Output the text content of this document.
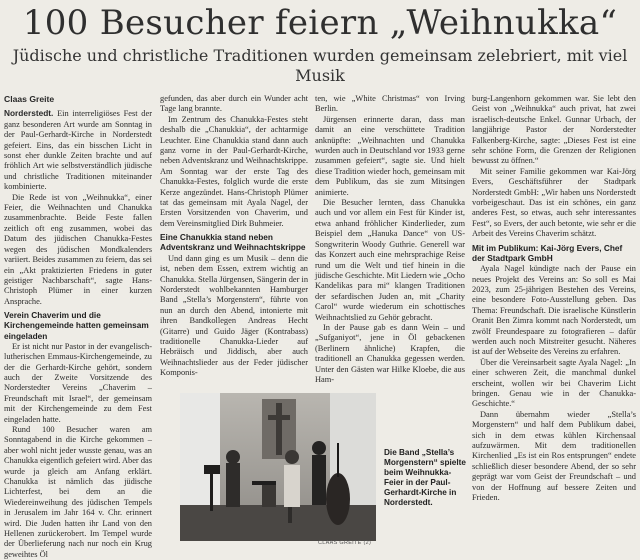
100 Besucher feiern „Weihnukka“
Jüdische und christliche Traditionen wurden gemeinsam zelebriert, mit viel Musik
Claas Greite

Norderstedt. Ein interreligiöses Fest der ganz besonderen Art wurde am Sonntag in der Paul-Gerhardt-Kirche in Norderstedt gefeiert. Eins, das ein bisschen Licht in sonst eher dunkle Zeiten brachte und auf fröhlich Art wie selbstverständlich jüdische und christliche Traditionen miteinander kombinierte.

Die Rede ist von „Weihnukka“, einer Feier, die Weihnachten und Chanukka zusammenbrachte. Beide Feste fallen zeitlich oft eng zusammen, wobei das Datum des jüdischen Chanukka-Festes wegen des jüdischen Mondkalenders variiert. Beides zusammen zu feiern, das sei ein „Akt praktizierten Friedens in guter geistiger Nachbarschaft“, sagte Hans-Christoph Plümer in einer kurzen Ansprache.

Verein Chaverim und die Kirchengemeinde hatten gemeinsam eingeladen

Er ist nicht nur Pastor in der evangelisch-lutherischen Emmaus-Kirchengemeinde, zu der die Gerhardt-Kirche gehört, sondern auch der Zweite Vorsitzende des Norderstedter Vereins „Chaverim – Freundschaft mit Israel“, der gemeinsam mit der Kirchengemeinde zu dem Fest eingeladen hatte.

Rund 100 Besucher waren am Sonntagabend in die Kirche gekommen – aber wohl nicht jeder wusste genau, was an Chanukka eigentlich gefeiert wird. Aber das wurde ja gleich am Anfang erklärt. Chanukka ist nämlich das jüdische Lichterfest, bei dem an die Wiedereinweihung des jüdischen Tempels in Jerusalem im Jahr 164 v. Chr. erinnert wird. Die Juden hatten ihr Land von den Hellenen zurückerobert. Im Tempel wurde der Überlieferung nach nur noch ein Krug geweihtes Öl

gefunden, das aber durch ein Wunder acht Tage lang brannte.

Im Zentrum des Chanukka-Festes steht deshalb die „Chanukkia“, der achtarmige Leuchter. Eine Chanukkia stand dann auch ganz vorne in der Paul-Gerhardt-Kirche, neben Adventskranz und Weihnachtskrippe. Am Sonntag war der erste Tag des Chanukka-Festes, folglich wurde die erste Kerze angezündet. Hans-Christoph Plümer tat das gemeinsam mit Ayala Nagel, der Ersten Vorsitzenden von Chaverim, und dem Vereinsmitglied Dirk Buhmeier.

Eine Chanukkia stand neben Adventskranz und Weihnachtskrippe

Und dann ging es um Musik – denn die ist, neben dem Essen, extrem wichtig an Chanukka. Stella Jürgensen, Sängerin der in Norderstedt wohlbekannten Hamburger Band „Stella’s Morgenstern“, führte von nun an durch den Abend, intonierte mit ihren Bandkollegen Andreas Hecht (Gitarre) und Guido Jäger (Kontrabass) traditionelle Chanukka-Lieder auf Hebräisch und Jiddisch, aber auch Weihnachtslieder aus der Feder jüdischer Komponis-

ten, wie „White Christmas“ von Irving Berlin.

Jürgensen erinnerte daran, dass man damit an eine verschüttete Tradition anknüpfte: „Weihnachten und Chanukka wurden auch in Deutschland vor 1933 gerne zusammen gefeiert“, sagte sie. Und hielt diese Tradition wieder hoch, gemeinsam mit dem Publikum, das sie zum Mitsingen animierte.

Die Besucher lernten, dass Chanukka auch und vor allem ein Fest für Kinder ist, etwa anhand fröhlicher Kinderlieder, zum Beispiel dem „Hanuka Dance“ von US-Songwriterin Woody Guthrie. Generell war das Konzert auch eine mehrsprachige Reise rund um die Welt und tief hinein in die jüdische Geschichte. Mit Liedern wie „Ocho Kandelikas para mi“ klangen Traditionen der sefardischen Juden an, mit „Charity Carol“ wurde wiederum ein schottisches Weihnachtslied zu Gehör gebracht.

In der Pause gab es dann Wein – und „Sufganiyot“, jene in Öl gebackenen (Berlinern ähnliche) Krapfen, die traditionell an Chanukka gegessen werden. Unter den Gästen war Hilke Kloebe, die aus Ham-

burg-Langenhorn gekommen war. Sie lebt den Geist von „Weihnukka“ auch privat, hat zwei israelisch-deutsche Enkel. Gunnar Urbach, der langjährige Pastor der Norderstedter Falkenberg-Kirche, sagte: „Dieses Fest ist eine sehr schöne Form, die Grenzen der Religionen bewusst zu öffnen.“

Mit seiner Familie gekommen war Kai-Jörg Evers, Geschäftsführer der Stadtpark Norderstedt GmbH: „Wir haben uns Norderstedt vorbeigeschaut. Das ist ein schönes, ein ganz anderes Fest, so etwas, auch sehr interessantes Fest“, so Evers, der auch betonte, wie sehr er die Arbeit des Vereins Chaverim schätzt.

Mit im Publikum: Kai-Jörg Evers, Chef der Stadtpark GmbH

Ayala Nagel kündigte nach der Pause ein neues Projekt des Vereins an: So soll es Mai 2023, zum 25-jährigen Bestehen des Vereins, eine besondere Foto-Ausstellung geben. Das Thema: Freundschaft. Die israelische Künstlerin Oranit Ben Zimra kommt nach Norderstedt, um zwölf Freundespaare zu fotografieren – dafür werden auch noch Mitstreiter gesucht. Näheres ist auf der Webseite des Vereins zu erfahren.

Über die Vereinsarbeit sagte Ayala Nagel: „In einer schweren Zeit, die manchmal dunkel erscheint, wollen wir bei Chaverim Licht bringen. Genau wie in der Chanukka-Geschichte.“

Dann übernahm wieder „Stella’s Morgenstern“ und half dem Publikum dabei, sich in dem etwas kühlen Kirchensaal aufzuwärmen. Mit dem traditionellen Kirchenlied „Es ist ein Ros entsprungen“ endete schließlich dieser besondere Abend, der so sehr geprägt war vom Geist der Freundschaft – und von der Hoffnung auf bessere Zeiten und Frieden.

Die Band „Stella’s Morgenstern“ spielte beim Weihnukka-Feier in der Paul-Gerhardt-Kirche in Norderstedt.
CLAAS GREITE (2)
